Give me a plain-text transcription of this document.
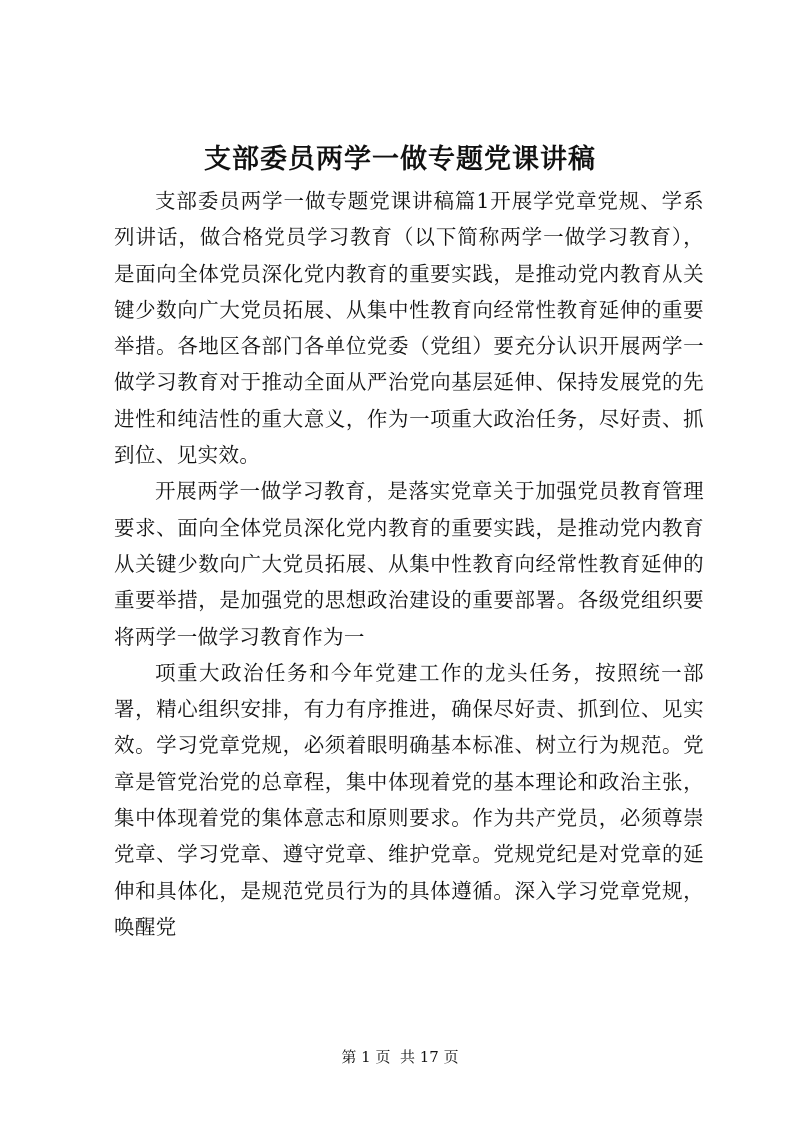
支部委员两学一做专题党课讲稿

支部委员两学一做专题党课讲稿篇1开展学党章党规、学系列讲话，做合格党员学习教育（以下简称两学一做学习教育），是面向全体党员深化党内教育的重要实践，是推动党内教育从关键少数向广大党员拓展、从集中性教育向经常性教育延伸的重要举措。各地区各部门各单位党委（党组）要充分认识开展两学一做学习教育对于推动全面从严治党向基层延伸、保持发展党的先进性和纯洁性的重大意义，作为一项重大政治任务，尽好责、抓到位、见实效。

开展两学一做学习教育，是落实党章关于加强党员教育管理要求、面向全体党员深化党内教育的重要实践，是推动党内教育从关键少数向广大党员拓展、从集中性教育向经常性教育延伸的重要举措，是加强党的思想政治建设的重要部署。各级党组织要将两学一做学习教育作为一

项重大政治任务和今年党建工作的龙头任务，按照统一部署，精心组织安排，有力有序推进，确保尽好责、抓到位、见实效。学习党章党规，必须着眼明确基本标准、树立行为规范。党章是管党治党的总章程，集中体现着党的基本理论和政治主张，集中体现着党的集体意志和原则要求。作为共产党员，必须尊崇党章、学习党章、遵守党章、维护党章。党规党纪是对党章的延伸和具体化，是规范党员行为的具体遵循。深入学习党章党规，唤醒党

第 1 页  共 17 页
